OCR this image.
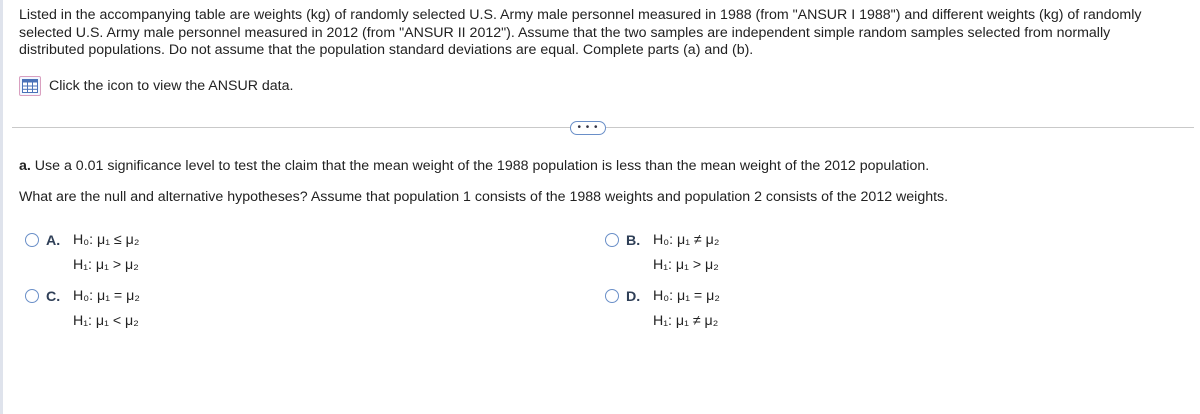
Listed in the accompanying table are weights (kg) of randomly selected U.S. Army male personnel measured in 1988 (from "ANSUR I 1988") and different weights (kg) of randomly selected U.S. Army male personnel measured in 2012 (from "ANSUR II 2012"). Assume that the two samples are independent simple random samples selected from normally distributed populations. Do not assume that the population standard deviations are equal. Complete parts (a) and (b).

Click the icon to view the ANSUR data.
• • •
a. Use a 0.01 significance level to test the claim that the mean weight of the 1988 population is less than the mean weight of the 2012 population.
What are the null and alternative hypotheses? Assume that population 1 consists of the 1988 weights and population 2 consists of the 2012 weights.
A. H₀: μ₁ ≤ μ₂
H₁: μ₁ > μ₂
B. H₀: μ₁ ≠ μ₂
H₁: μ₁ > μ₂
C. H₀: μ₁ = μ₂
H₁: μ₁ < μ₂
D. H₀: μ₁ = μ₂
H₁: μ₁ ≠ μ₂
